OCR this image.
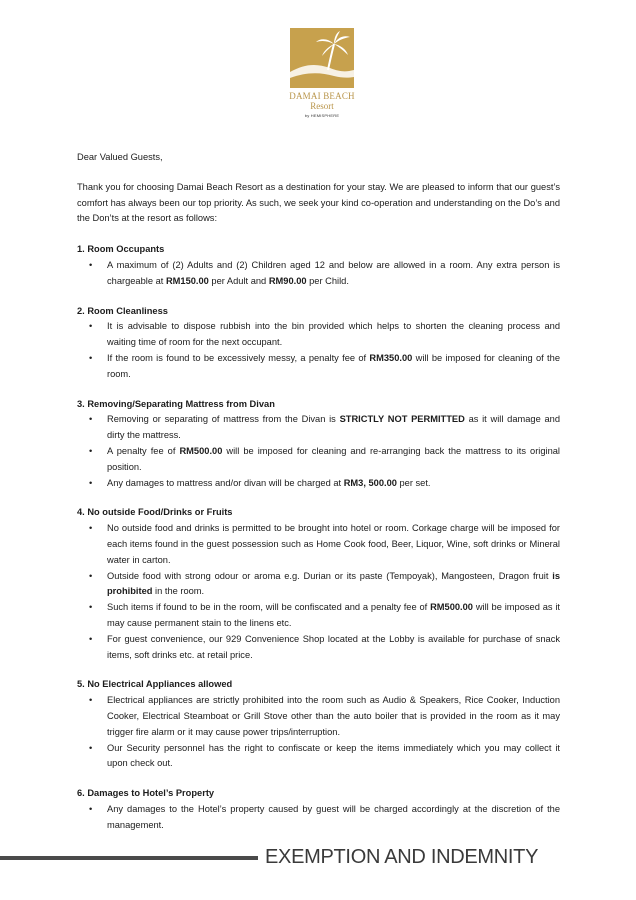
DAMAI BEACH
Resort
by HEMISPHERE

Dear Valued Guests,

Thank you for choosing Damai Beach Resort as a destination for your stay. We are pleased to inform that our guest’s comfort has always been our top priority. As such, we seek your kind co-operation and understanding on the Do’s and the Don’ts at the resort as follows:

1. Room Occupants

• A maximum of (2) Adults and (2) Children aged 12 and below are allowed in a room. Any extra person is chargeable at RM150.00 per Adult and RM90.00 per Child.

2. Room Cleanliness

• It is advisable to dispose rubbish into the bin provided which helps to shorten the cleaning process and waiting time of room for the next occupant.
• If the room is found to be excessively messy, a penalty fee of RM350.00 will be imposed for cleaning of the room.

3. Removing/Separating Mattress from Divan

• Removing or separating of mattress from the Divan is STRICTLY NOT PERMITTED as it will damage and dirty the mattress.
• A penalty fee of RM500.00 will be imposed for cleaning and re-arranging back the mattress to its original position.
• Any damages to mattress and/or divan will be charged at RM3, 500.00 per set.

4. No outside Food/Drinks or Fruits

• No outside food and drinks is permitted to be brought into hotel or room. Corkage charge will be imposed for each items found in the guest possession such as Home Cook food, Beer, Liquor, Wine, soft drinks or Mineral water in carton.
• Outside food with strong odour or aroma e.g. Durian or its paste (Tempoyak), Mangosteen, Dragon fruit is prohibited in the room.
• Such items if found to be in the room, will be confiscated and a penalty fee of RM500.00 will be imposed as it may cause permanent stain to the linens etc.
• For guest convenience, our 929 Convenience Shop located at the Lobby is available for purchase of snack items, soft drinks etc. at retail price.

5. No Electrical Appliances allowed

• Electrical appliances are strictly prohibited into the room such as Audio & Speakers, Rice Cooker, Induction Cooker, Electrical Steamboat or Grill Stove other than the auto boiler that is provided in the room as it may trigger fire alarm or it may cause power trips/interruption.
• Our Security personnel has the right to confiscate or keep the items immediately which you may collect it upon check out.

6. Damages to Hotel’s Property

• Any damages to the Hotel’s property caused by guest will be charged accordingly at the discretion of the management.
EXEMPTION AND INDEMNITY
